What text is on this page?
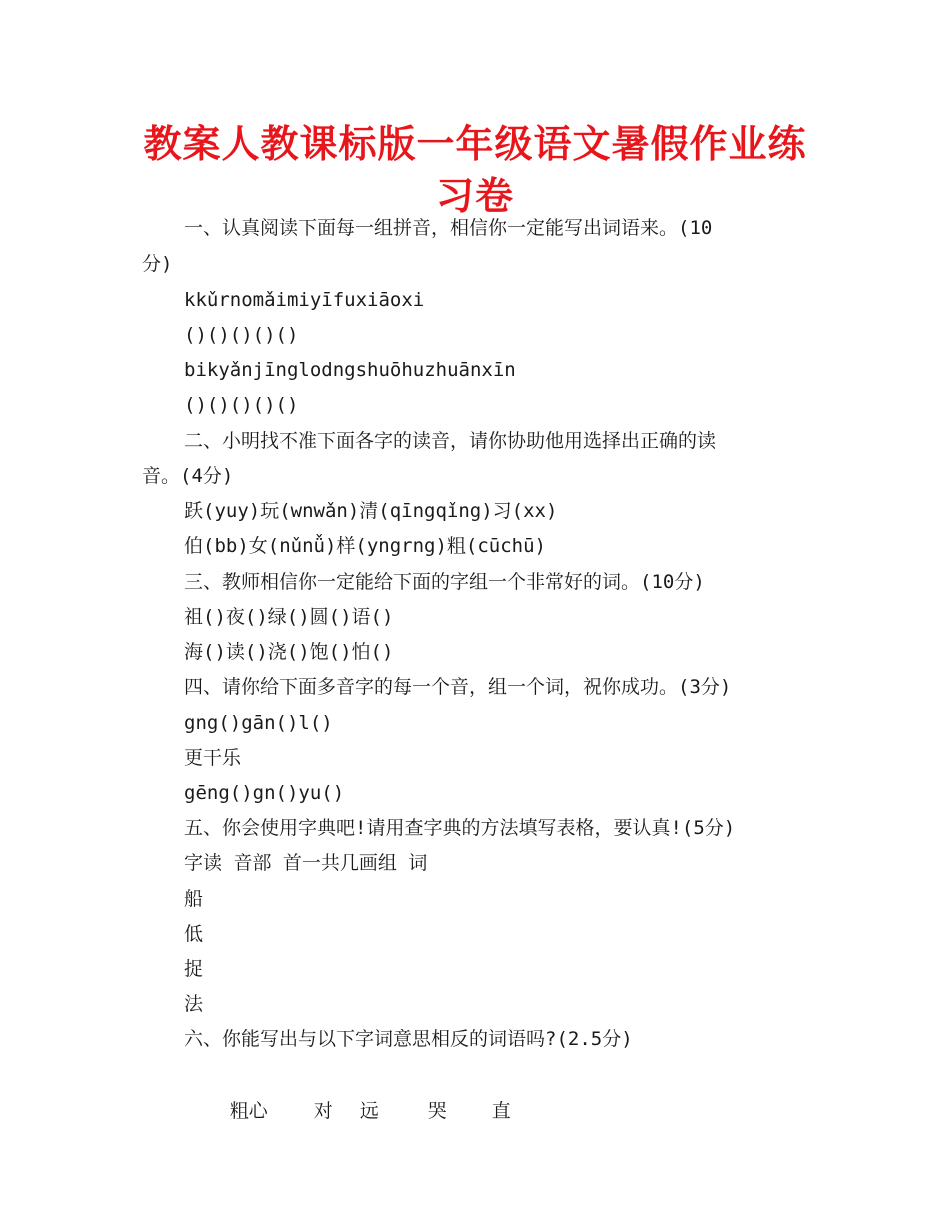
教案人教课标版一年级语文暑假作业练习卷
一、认真阅读下面每一组拼音，相信你一定能写出词语来。(10
分)
kkǔrnomǎimiyīfuxiāoxi
()()()()()
bikyǎnjīnglodngshuōhuzhuānxīn
()()()()()
二、小明找不准下面各字的读音，请你协助他用选择出正确的读
音。(4分)
跃(yuy)玩(wnwǎn)清(qīngqǐng)习(xx)
伯(bb)女(nǔnǚ)样(yngrng)粗(cūchū)
三、教师相信你一定能给下面的字组一个非常好的词。(10分)
祖()夜()绿()圆()语()
海()读()浇()饱()怕()
四、请你给下面多音字的每一个音，组一个词，祝你成功。(3分)
gng()gān()l()
更干乐
gēng()gn()yu()
五、你会使用字典吧!请用查字典的方法填写表格，要认真!(5分)
字读 音部 首一共几画组 词
船
低
捉
法
六、你能写出与以下字词意思相反的词语吗?(2.5分)

粗心 对 远	哭 直
